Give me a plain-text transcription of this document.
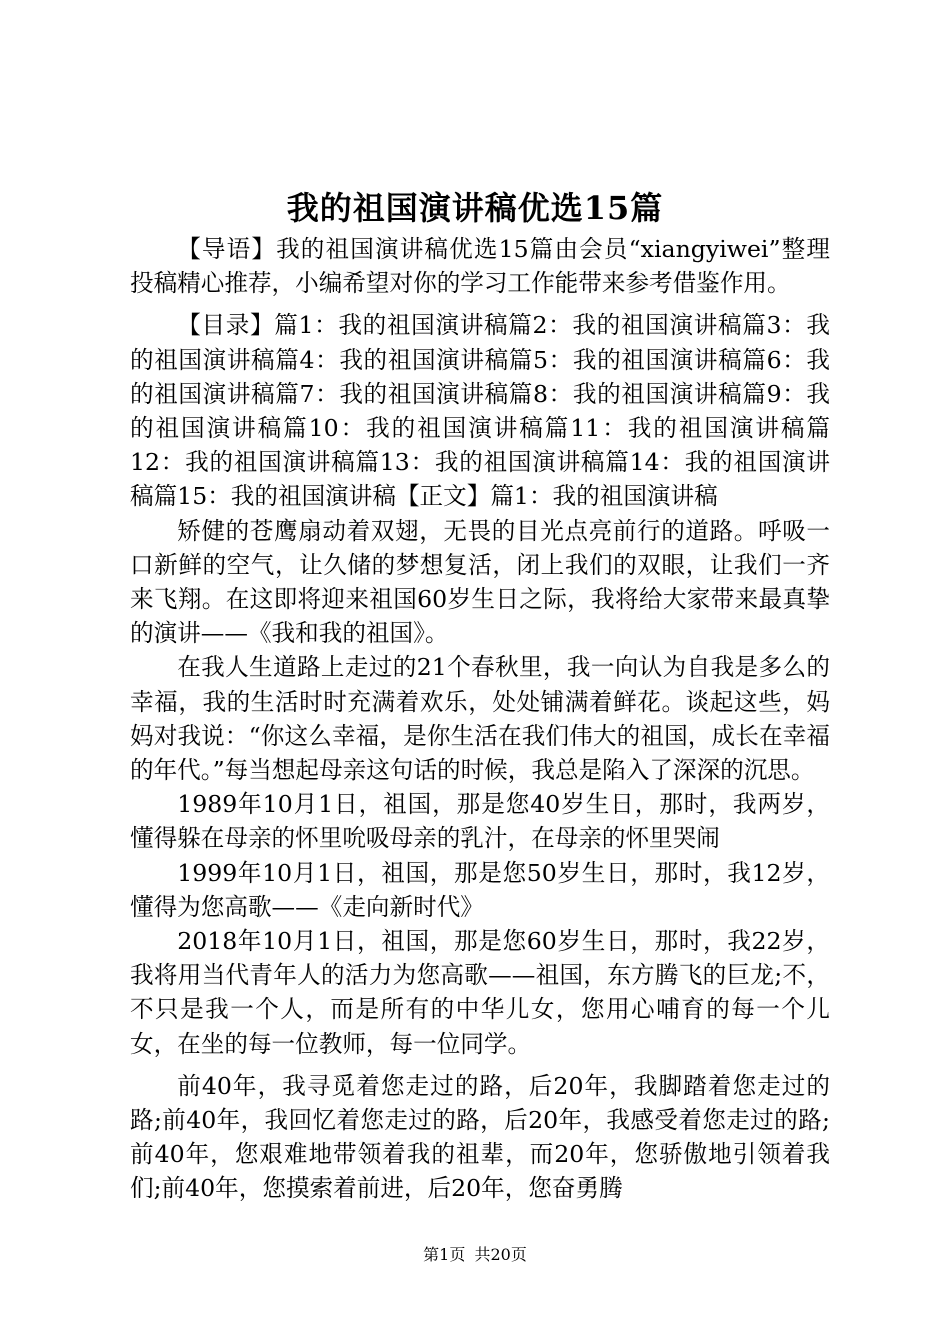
我的祖国演讲稿优选15篇

【导语】我的祖国演讲稿优选15篇由会员“xiangyiwei”整理投稿精心推荐，小编希望对你的学习工作能带来参考借鉴作用。

【目录】篇1：我的祖国演讲稿篇2：我的祖国演讲稿篇3：我的祖国演讲稿篇4：我的祖国演讲稿篇5：我的祖国演讲稿篇6：我的祖国演讲稿篇7：我的祖国演讲稿篇8：我的祖国演讲稿篇9：我的祖国演讲稿篇10：我的祖国演讲稿篇11：我的祖国演讲稿篇12：我的祖国演讲稿篇13：我的祖国演讲稿篇14：我的祖国演讲稿篇15：我的祖国演讲稿【正文】篇1：我的祖国演讲稿

矫健的苍鹰扇动着双翅，无畏的目光点亮前行的道路。呼吸一口新鲜的空气，让久储的梦想复活，闭上我们的双眼，让我们一齐来飞翔。在这即将迎来祖国60岁生日之际，我将给大家带来最真挚的演讲——《我和我的祖国》。

在我人生道路上走过的21个春秋里，我一向认为自我是多么的幸福，我的生活时时充满着欢乐，处处铺满着鲜花。谈起这些，妈妈对我说：“你这么幸福，是你生活在我们伟大的祖国，成长在幸福的年代。”每当想起母亲这句话的时候，我总是陷入了深深的沉思。

1989年10月1日，祖国，那是您40岁生日，那时，我两岁，懂得躲在母亲的怀里吮吸母亲的乳汁，在母亲的怀里哭闹

1999年10月1日，祖国，那是您50岁生日，那时，我12岁，懂得为您高歌——《走向新时代》

2018年10月1日，祖国，那是您60岁生日，那时，我22岁，我将用当代青年人的活力为您高歌——祖国，东方腾飞的巨龙;不，不只是我一个人，而是所有的中华儿女，您用心哺育的每一个儿女，在坐的每一位教师，每一位同学。

前40年，我寻觅着您走过的路，后20年，我脚踏着您走过的路;前40年，我回忆着您走过的路，后20年，我感受着您走过的路;前40年，您艰难地带领着我的祖辈，而20年，您骄傲地引领着我们;前40年，您摸索着前进，后20年，您奋勇腾

第1页 共20页
